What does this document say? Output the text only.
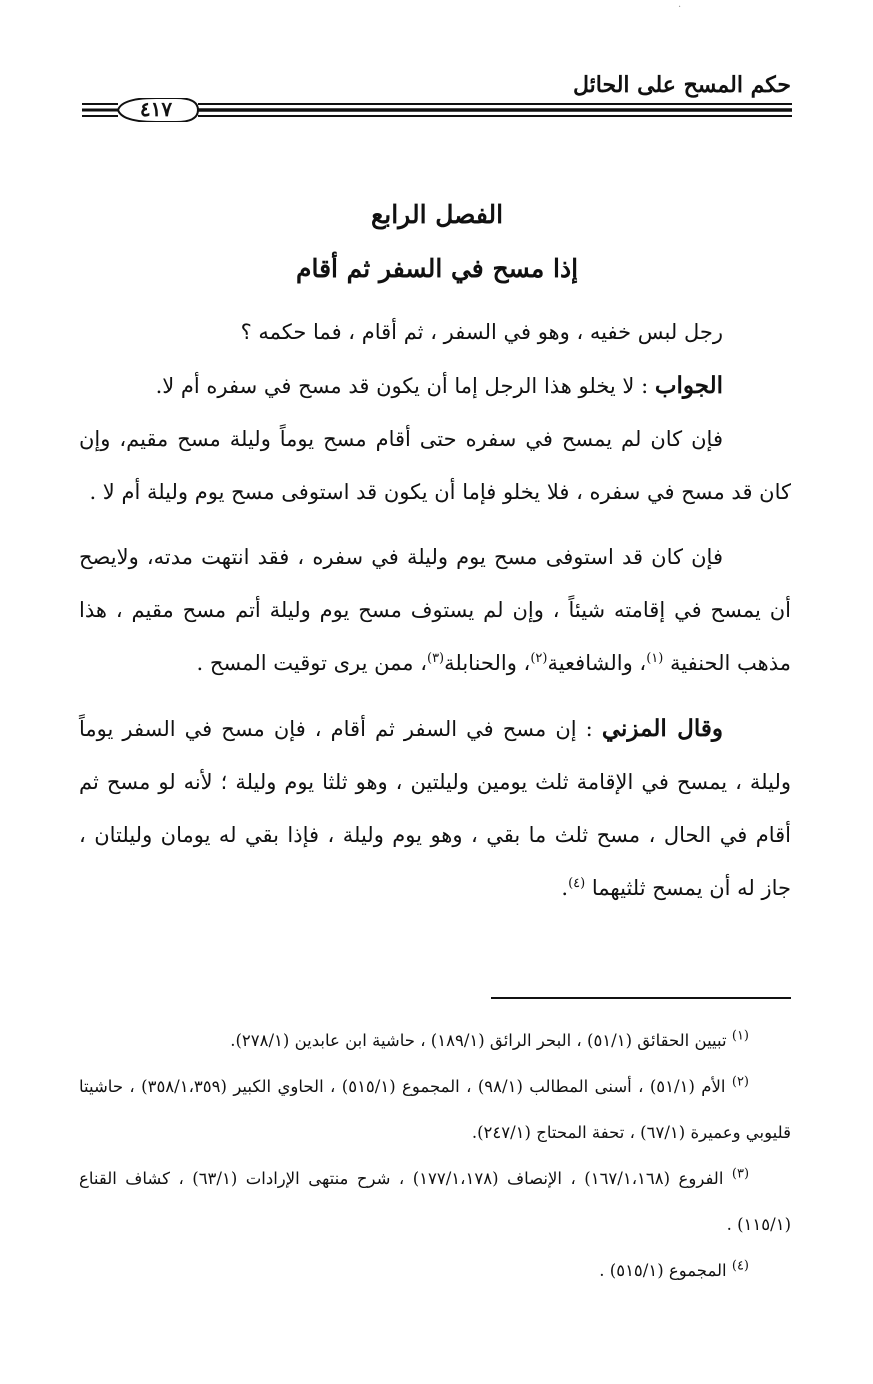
·
حكم المسح على الحائل
٤١٧
الفصل الرابع
إذا مسح في السفر ثم أقام

رجل لبس خفيه ، وهو في السفر ، ثم أقام ، فما حكمه ؟

الجواب : لا يخلو هذا الرجل إما أن يكون قد مسح في سفره أم لا.

فإن كان لم يمسح في سفره حتى أقام مسح يوماً وليلة مسح مقيم، وإن كان قد مسح في سفره ، فلا يخلو فإما أن يكون قد استوفى مسح يوم وليلة أم لا .

فإن كان قد استوفى مسح يوم وليلة في سفره ، فقد انتهت مدته، ولايصح أن يمسح في إقامته شيئاً ، وإن لم يستوف مسح يوم وليلة أتم مسح مقيم ، هذا مذهب الحنفية $^{(١)}$، والشافعية$^{(٢)}$، والحنابلة$^{(٣)}$، ممن يرى توقيت المسح .

وقال المزني : إن مسح في السفر ثم أقام ، فإن مسح في السفر يوماً وليلة ، يمسح في الإقامة ثلث يومين وليلتين ، وهو ثلثا يوم وليلة ؛ لأنه لو مسح ثم أقام في الحال ، مسح ثلث ما بقي ، وهو يوم وليلة ، فإذا بقي له يومان وليلتان ، جاز له أن يمسح ثلثيهما $^{(٤)}$.

$^{(١)}$ تبيين الحقائق (٥١/١) ، البحر الرائق (١٨٩/١) ، حاشية ابن عابدين (٢٧٨/١).

$^{(٢)}$ الأم (٥١/١) ، أسنى المطالب (٩٨/١) ، المجموع (٥١٥/١) ، الحاوي الكبير (٣٥٨/١،٣٥٩) ، حاشيتا قليوبي وعميرة (٦٧/١) ، تحفة المحتاج (٢٤٧/١).

$^{(٣)}$ الفروع (١٦٧/١،١٦٨) ، الإنصاف (١٧٧/١،١٧٨) ، شرح منتهى الإرادات (٦٣/١) ، كشاف القناع (١١٥/١) .

$^{(٤)}$ المجموع (٥١٥/١) .
